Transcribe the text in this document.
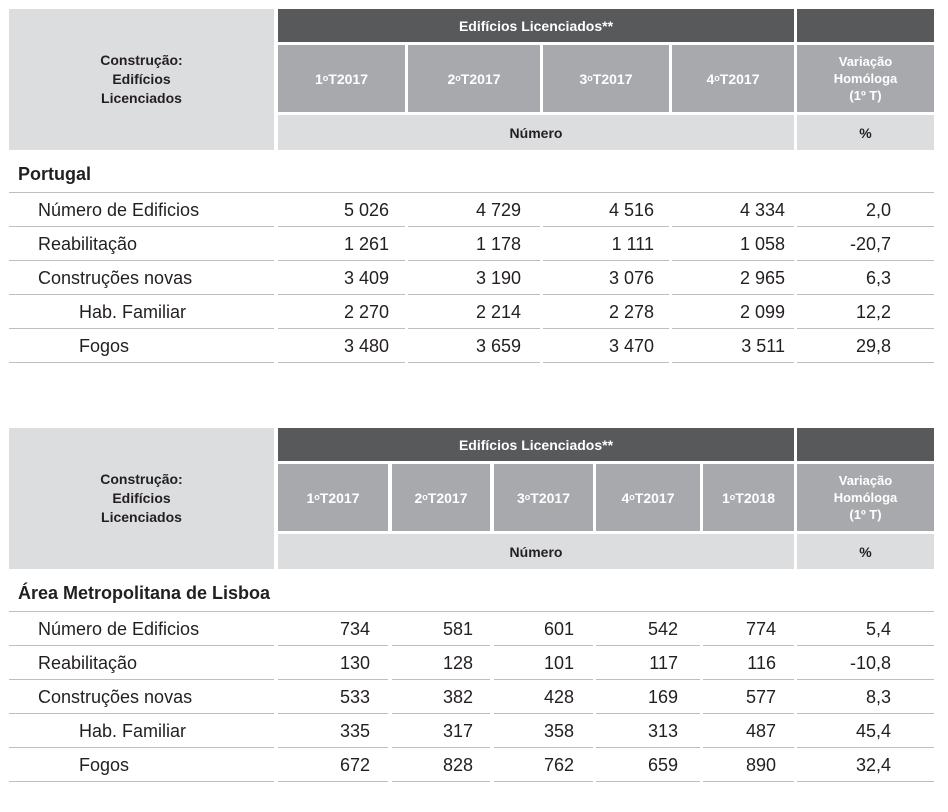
Construção:
Edifícios
Licenciados
Edifícios Licenciados**
1$^o$ T2017	2$^o$ T2017	3$^o$ T2017	4$^o$ T2017
Variação
Homóloga
(1º T)
Número	%
Portugal
Número de Edificios	5 026	4 729	4 516	4 334	2,0
Reabilitação	1 261	1 178	1 111	1 058	-20,7
Construções novas	3 409	3 190	3 076	2 965	6,3
Hab. Familiar	2 270	2 214	2 278	2 099	12,2
Fogos	3 480	3 659	3 470	3 511	29,8
Construção:
Edifícios
Licenciados
Edifícios Licenciados**
1$^o$ T2017	2$^o$ T2017	3$^o$ T2017	4$^o$ T2017	1$^o$ T2018
Variação
Homóloga
(1º T)
Número	%
Área Metropolitana de Lisboa
Número de Edificios	734	581	601	542	774	5,4
Reabilitação	130	128	101	117	116	-10,8
Construções novas	533	382	428	169	577	8,3
Hab. Familiar	335	317	358	313	487	45,4
Fogos	672	828	762	659	890	32,4
